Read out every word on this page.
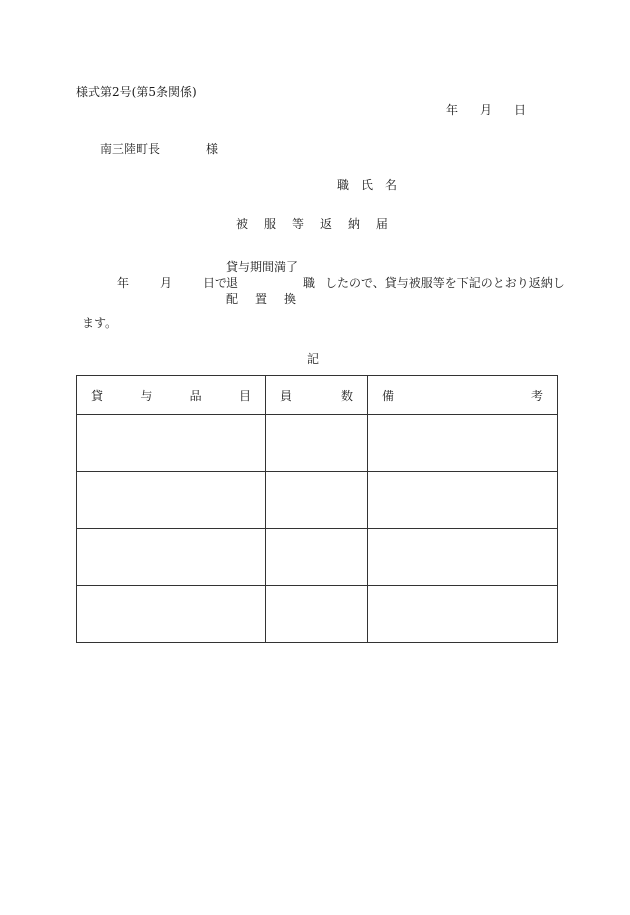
様式第2号(第5条関係)
年 月 日
南三陸町長	様
職 氏 名
被 服 等 返 納 届
貸与期間満了
年	月	日で 退	職 したので、貸与被服等を下記のとおり返納し
配 置 換
ます。
記
貸 与 品 目	員 数	備 考
